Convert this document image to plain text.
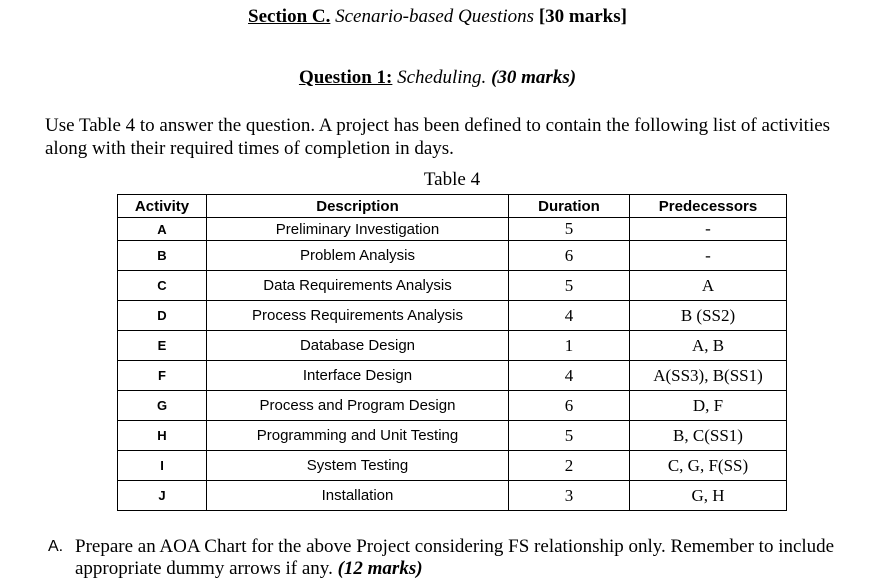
Section C. Scenario-based Questions [30 marks]
Question 1: Scheduling. (30 marks)
Use Table 4 to answer the question. A project has been defined to contain the following list of activities along with their required times of completion in days.
Table 4
Activity	Description	Duration	Predecessors
A	Preliminary Investigation	5	-
B	Problem Analysis	6	-
C	Data Requirements Analysis	5	A
D	Process Requirements Analysis	4	B (SS2)
E	Database Design	1	A, B
F	Interface Design	4	A(SS3), B(SS1)
G	Process and Program Design	6	D, F
H	Programming and Unit Testing	5	B, C(SS1)
I	System Testing	2	C, G, F(SS)
J	Installation	3	G, H
A. Prepare an AOA Chart for the above Project considering FS relationship only. Remember to include appropriate dummy arrows if any. (12 marks)
